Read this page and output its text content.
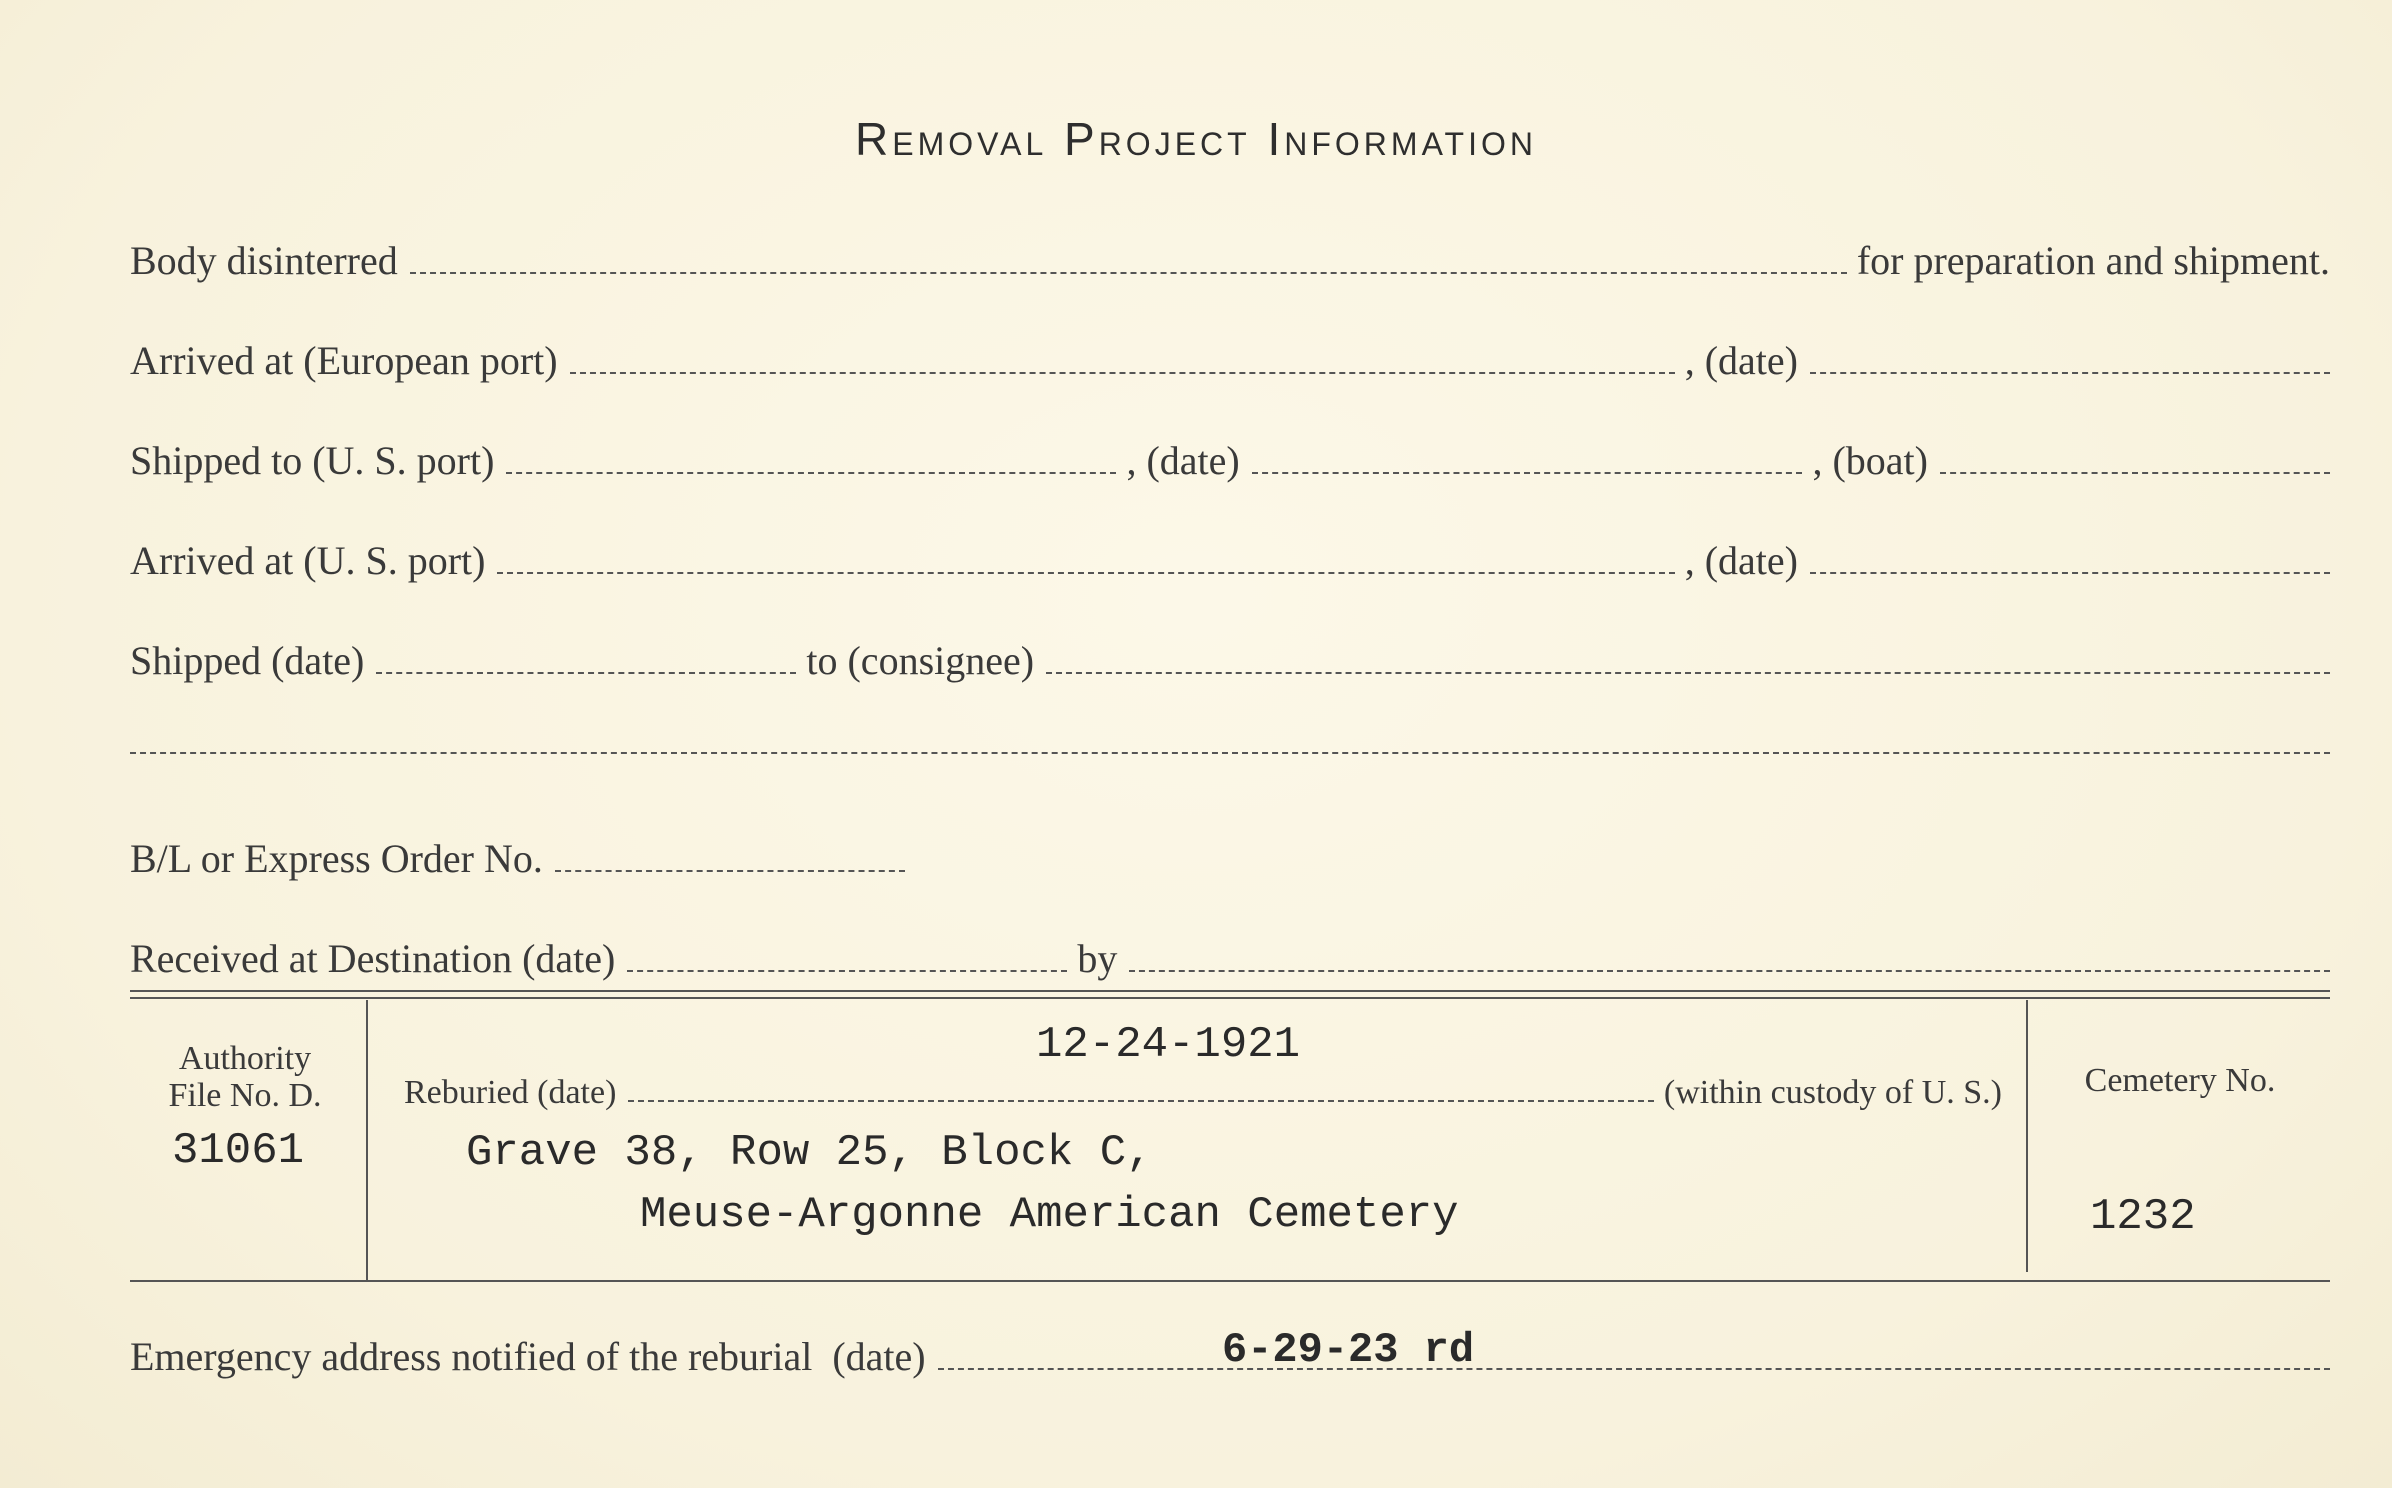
Removal Project Information
Body disinterred	for preparation and shipment.
Arrived at (European port)	, (date)
Shipped to (U. S. port)	, (date)	, (boat)
Arrived at (U. S. port)	, (date)
Shipped (date)	to (consignee)
B/L or Express Order No.
Received at Destination (date)	by
Authority
File No. D.
31061
Reburied (date)	(within custody of U. S.)
12-24-1921
Grave 38, Row 25, Block C,
Meuse-Argonne American Cemetery
Cemetery No.
1232
Emergency address notified of the reburial  (date)	6-29-23 rd
